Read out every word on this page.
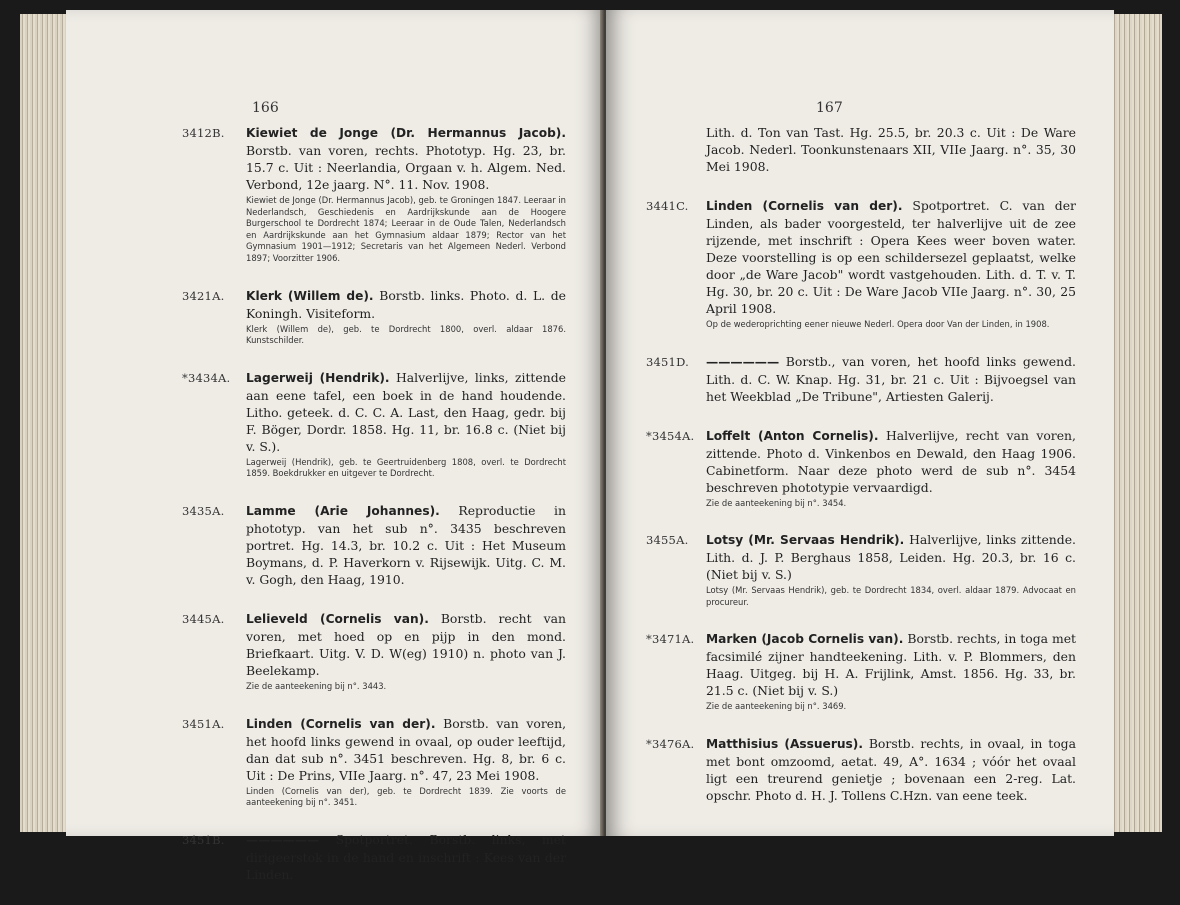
166
3412B. Kiewiet de Jonge (Dr. Hermannus Jacob). Borstb. van voren, rechts. Phototyp. Hg. 23, br. 15.7 c. Uit : Neerlandia, Orgaan v. h. Algem. Ned. Verbond, 12e jaarg. N°. 11. Nov. 1908.
Kiewiet de Jonge (Dr. Hermannus Jacob), geb. te Groningen 1847. Leeraar in Nederlandsch, Geschiedenis en Aardrijkskunde aan de Hoogere Burgerschool te Dordrecht 1874; Leeraar in de Oude Talen, Nederlandsch en Aardrijkskunde aan het Gymnasium aldaar 1879; Rector van het Gymnasium 1901—1912; Secretaris van het Algemeen Nederl. Verbond 1897; Voorzitter 1906.
3421A. Klerk (Willem de). Borstb. links. Photo. d. L. de Koningh. Visiteform.
Klerk (Willem de), geb. te Dordrecht 1800, overl. aldaar 1876. Kunstschilder.
*3434A. Lagerweij (Hendrik). Halverlijve, links, zittende aan eene tafel, een boek in de hand houdende. Litho. geteek. d. C. C. A. Last, den Haag, gedr. bij F. Böger, Dordr. 1858. Hg. 11, br. 16.8 c. (Niet bij v. S.).
Lagerweij (Hendrik), geb. te Geertruidenberg 1808, overl. te Dordrecht 1859. Boekdrukker en uitgever te Dordrecht.
3435A. Lamme (Arie Johannes). Reproductie in phototyp. van het sub n°. 3435 beschreven portret. Hg. 14.3, br. 10.2 c. Uit : Het Museum Boymans, d. P. Haverkorn v. Rijsewijk. Uitg. C. M. v. Gogh, den Haag, 1910.
3445A. Lelieveld (Cornelis van). Borstb. recht van voren, met hoed op en pijp in den mond. Briefkaart. Uitg. V. D. W(eg) 1910) n. photo van J. Beelekamp.
Zie de aanteekening bij n°. 3443.
3451A. Linden (Cornelis van der). Borstb. van voren, het hoofd links gewend in ovaal, op ouder leeftijd, dan dat sub n°. 3451 beschreven. Hg. 8, br. 6 c. Uit : De Prins, VIIe Jaarg. n°. 47, 23 Mei 1908.
Linden (Cornelis van der), geb. te Dordrecht 1839. Zie voorts de aanteekening bij n°. 3451.
3451B. —————— Spotportret. Borstb. links, met dirigeerstok in de hand en inschrift : Kees van der Linden.
167
Lith. d. Ton van Tast. Hg. 25.5, br. 20.3 c. Uit : De Ware Jacob. Nederl. Toonkunstenaars XII, VIIe Jaarg. n°. 35, 30 Mei 1908.
3441C. Linden (Cornelis van der). Spotportret. C. van der Linden, als bader voorgesteld, ter halverlijve uit de zee rijzende, met inschrift : Opera Kees weer boven water. Deze voorstelling is op een schildersezel geplaatst, welke door „de Ware Jacob" wordt vastgehouden. Lith. d. T. v. T. Hg. 30, br. 20 c. Uit : De Ware Jacob VIIe Jaarg. n°. 30, 25 April 1908.
Op de wederoprichting eener nieuwe Nederl. Opera door Van der Linden, in 1908.
3451D. —————— Borstb., van voren, het hoofd links gewend. Lith. d. C. W. Knap. Hg. 31, br. 21 c. Uit : Bijvoegsel van het Weekblad „De Tribune", Artiesten Galerij.
*3454A. Loffelt (Anton Cornelis). Halverlijve, recht van voren, zittende. Photo d. Vinkenbos en Dewald, den Haag 1906. Cabinetform. Naar deze photo werd de sub n°. 3454 beschreven phototypie vervaardigd.
Zie de aanteekening bij n°. 3454.
3455A. Lotsy (Mr. Servaas Hendrik). Halverlijve, links zittende. Lith. d. J. P. Berghaus 1858, Leiden. Hg. 20.3, br. 16 c. (Niet bij v. S.)
Lotsy (Mr. Servaas Hendrik), geb. te Dordrecht 1834, overl. aldaar 1879. Advocaat en procureur.
*3471A. Marken (Jacob Cornelis van). Borstb. rechts, in toga met facsimilé zijner handteekening. Lith. v. P. Blommers, den Haag. Uitgeg. bij H. A. Frijlink, Amst. 1856. Hg. 33, br. 21.5 c. (Niet bij v. S.)
Zie de aanteekening bij n°. 3469.
*3476A. Matthisius (Assuerus). Borstb. rechts, in ovaal, in toga met bont omzoomd, aetat. 49, A°. 1634 ; vóór het ovaal ligt een treurend genietje ; bovenaan een 2-reg. Lat. opschr. Photo d. H. J. Tollens C.Hzn. van eene teek.
